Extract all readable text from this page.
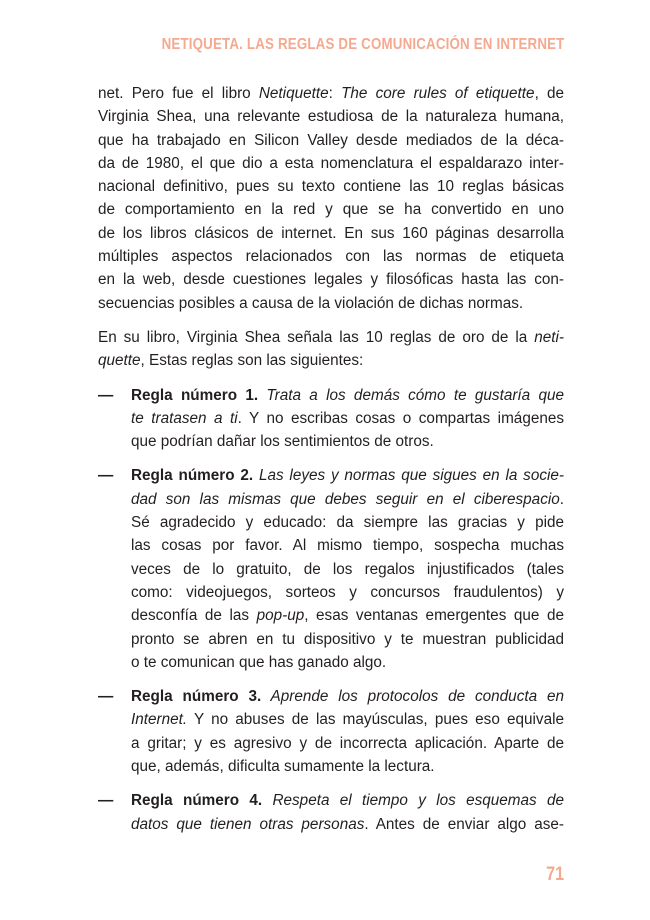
NETIQUETA. LAS REGLAS DE COMUNICACIÓN EN INTERNET

net. Pero fue el libro Netiquette: The core rules of etiquette, de
Virginia Shea, una relevante estudiosa de la naturaleza humana,
que ha trabajado en Silicon Valley desde mediados de la déca-
da de 1980, el que dio a esta nomenclatura el espaldarazo inter-
nacional definitivo, pues su texto contiene las 10 reglas básicas
de comportamiento en la red y que se ha convertido en uno
de los libros clásicos de internet. En sus 160 páginas desarrolla
múltiples aspectos relacionados con las normas de etiqueta
en la web, desde cuestiones legales y filosóficas hasta las con-
secuencias posibles a causa de la violación de dichas normas.

En su libro, Virginia Shea señala las 10 reglas de oro de la neti-
quette, Estas reglas son las siguientes:

— Regla número 1. Trata a los demás cómo te gustaría que
te tratasen a ti. Y no escribas cosas o compartas imágenes
que podrían dañar los sentimientos de otros.
— Regla número 2. Las leyes y normas que sigues en la socie-
dad son las mismas que debes seguir en el ciberespacio.
Sé agradecido y educado: da siempre las gracias y pide
las cosas por favor. Al mismo tiempo, sospecha muchas
veces de lo gratuito, de los regalos injustificados (tales
como: videojuegos, sorteos y concursos fraudulentos) y
desconfía de las pop-up, esas ventanas emergentes que de
pronto se abren en tu dispositivo y te muestran publicidad
o te comunican que has ganado algo.
— Regla número 3. Aprende los protocolos de conducta en
Internet. Y no abuses de las mayúsculas, pues eso equivale
a gritar; y es agresivo y de incorrecta aplicación. Aparte de
que, además, dificulta sumamente la lectura.
— Regla número 4. Respeta el tiempo y los esquemas de
datos que tienen otras personas. Antes de enviar algo ase-
71
